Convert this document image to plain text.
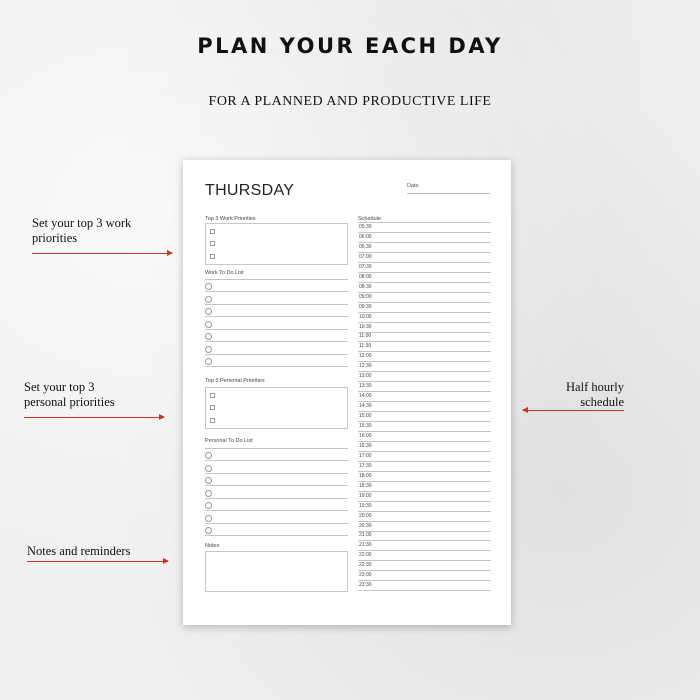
PLAN YOUR EACH DAY
FOR A PLANNED AND PRODUCTIVE LIFE
Set your top 3 work
priorities
Set your top 3
personal priorities
Notes and reminders
Half hourly
schedule
THURSDAY	Date
Top 3 Work Priorities
Work To Do List
Top 3 Personal Priorities
Personal To Do List
Notes
Schedule
05:30
06:00
06:30
07:00
07:30
08:00
08:30
09:00
09:30
10:00
10:30
11:00
11:30
12:00
12:30
13:00
13:30
14:00
14:30
15:00
15:30
16:00
16:30
17:00
17:30
18:00
18:30
19:00
19:30
20:00
20:30
21:00
21:30
22:00
22:30
23:00
23:30
